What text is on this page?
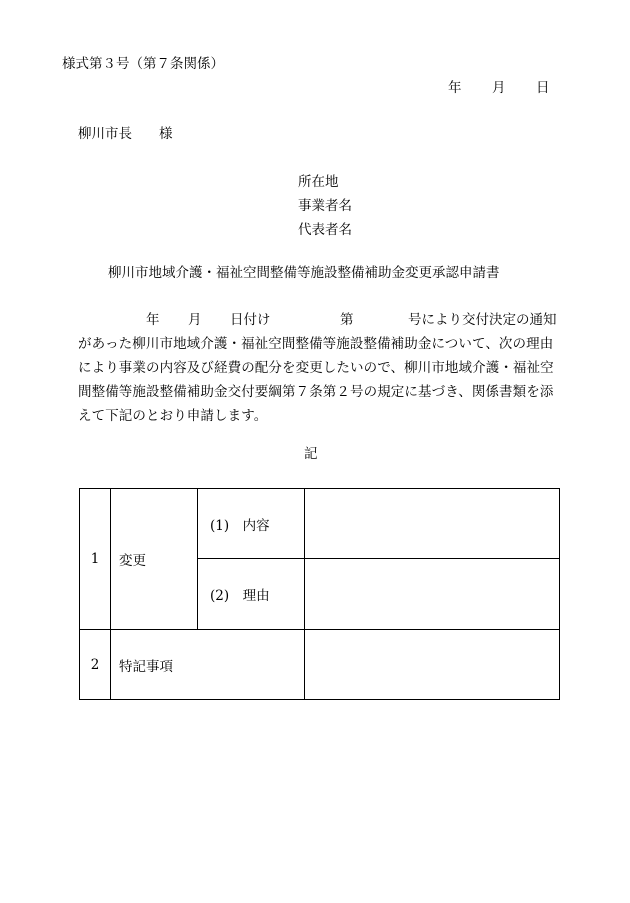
様式第３号（第７条関係）
年 月 日
柳川市長　　様
所在地
事業者名
代表者名
柳川市地域介護・福祉空間整備等施設整備補助金変更承認申請書
年 月 日付け	第	号により交付決定の通知
があった柳川市地域介護・福祉空間整備等施設整備補助金について、次の理由
により事業の内容及び経費の配分を変更したいので、柳川市地域介護・福祉空
間整備等施設整備補助金交付要綱第７条第２号の規定に基づき、関係書類を添
えて下記のとおり申請します。
記
1	変更	(1)　内容	
		(2)　理由	
2	特記事項		
